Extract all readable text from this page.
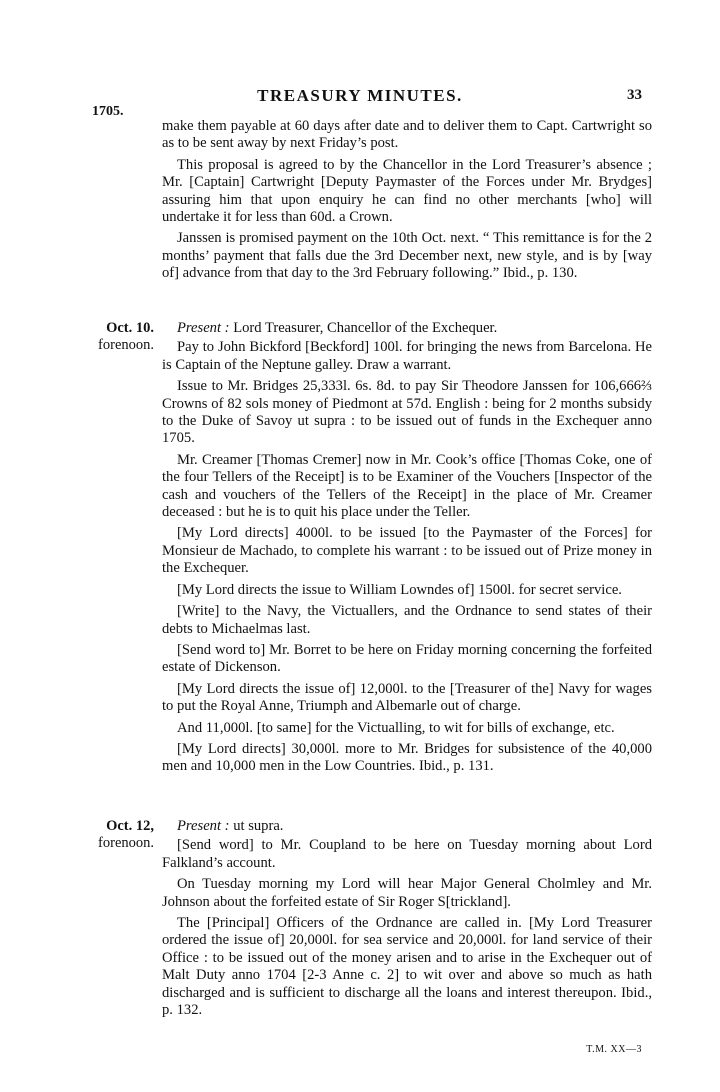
TREASURY MINUTES.	33
1705.

make them payable at 60 days after date and to deliver them to Capt. Cartwright so as to be sent away by next Friday’s post.

This proposal is agreed to by the Chancellor in the Lord Treasurer’s absence ; Mr. [Captain] Cartwright [Deputy Paymaster of the Forces under Mr. Brydges] assuring him that upon enquiry he can find no other merchants [who] will undertake it for less than 60d. a Crown.

Janssen is promised payment on the 10th Oct. next. “ This remittance is for the 2 months’ payment that falls due the 3rd December next, new style, and is by [way of] advance from that day to the 3rd February following.” Ibid., p. 130.

Oct. 10.
forenoon.

Present : Lord Treasurer, Chancellor of the Exchequer.

Pay to John Bickford [Beckford] 100l. for bringing the news from Barcelona. He is Captain of the Neptune galley. Draw a warrant.

Issue to Mr. Bridges 25,333l. 6s. 8d. to pay Sir Theodore Janssen for 106,666⅔ Crowns of 82 sols money of Piedmont at 57d. English : being for 2 months subsidy to the Duke of Savoy ut supra : to be issued out of funds in the Exchequer anno 1705.

Mr. Creamer [Thomas Cremer] now in Mr. Cook’s office [Thomas Coke, one of the four Tellers of the Receipt] is to be Examiner of the Vouchers [Inspector of the cash and vouchers of the Tellers of the Receipt] in the place of Mr. Creamer deceased : but he is to quit his place under the Teller.

[My Lord directs] 4000l. to be issued [to the Paymaster of the Forces] for Monsieur de Machado, to complete his warrant : to be issued out of Prize money in the Exchequer.

[My Lord directs the issue to William Lowndes of] 1500l. for secret service.

[Write] to the Navy, the Victuallers, and the Ordnance to send states of their debts to Michaelmas last.

[Send word to] Mr. Borret to be here on Friday morning concerning the forfeited estate of Dickenson.

[My Lord directs the issue of] 12,000l. to the [Treasurer of the] Navy for wages to put the Royal Anne, Triumph and Albemarle out of charge.

And 11,000l. [to same] for the Victualling, to wit for bills of exchange, etc.

[My Lord directs] 30,000l. more to Mr. Bridges for subsistence of the 40,000 men and 10,000 men in the Low Countries. Ibid., p. 131.

Oct. 12,
forenoon.

Present : ut supra.

[Send word] to Mr. Coupland to be here on Tuesday morning about Lord Falkland’s account.

On Tuesday morning my Lord will hear Major General Cholmley and Mr. Johnson about the forfeited estate of Sir Roger S[trickland].

The [Principal] Officers of the Ordnance are called in. [My Lord Treasurer ordered the issue of] 20,000l. for sea service and 20,000l. for land service of their Office : to be issued out of the money arisen and to arise in the Exchequer out of Malt Duty anno 1704 [2-3 Anne c. 2] to wit over and above so much as hath discharged and is sufficient to discharge all the loans and interest thereupon. Ibid., p. 132.

T.M. XX—3
